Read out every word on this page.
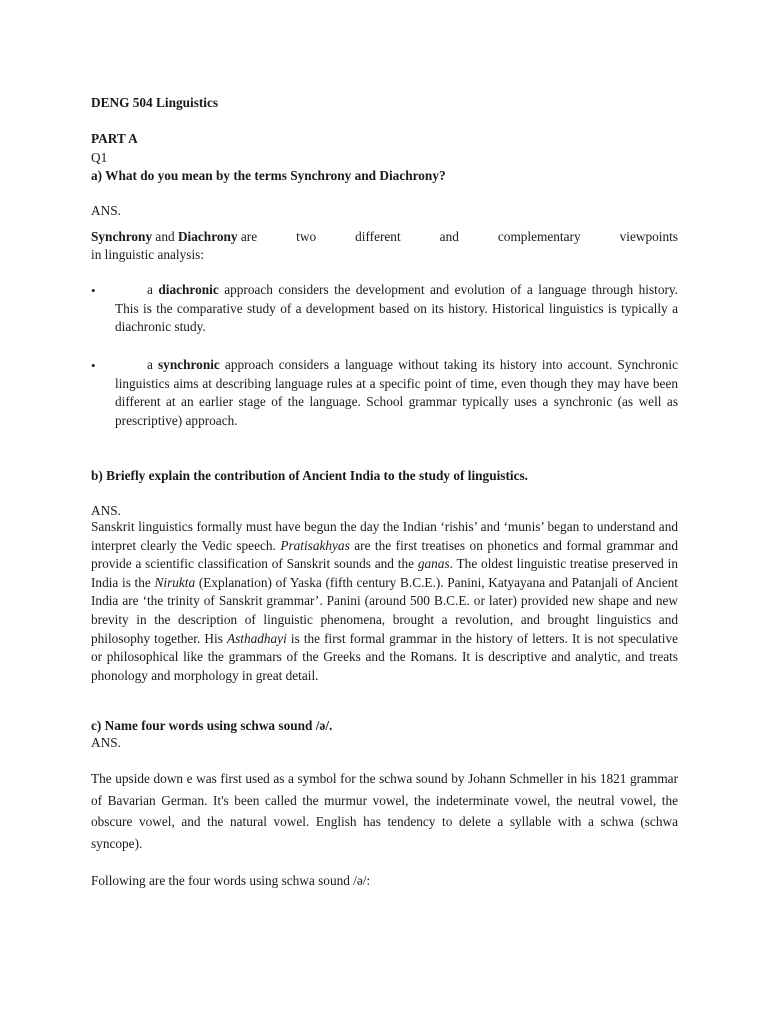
DENG 504 Linguistics
PART A
Q1
a) What do you mean by the terms Synchrony and Diachrony?
ANS.
Synchrony and Diachrony are	two	different	and	complementary	viewpoints
in linguistic analysis:
•	a diachronic approach considers the development and evolution of a language through history. This is the comparative study of a development based on its history. Historical linguistics is typically a diachronic study.
•	a synchronic approach considers a language without taking its history into account. Synchronic linguistics aims at describing language rules at a specific point of time, even though they may have been different at an earlier stage of the language. School grammar typically uses a synchronic (as well as prescriptive) approach.
b) Briefly explain the contribution of Ancient India to the study of linguistics.
ANS.
Sanskrit linguistics formally must have begun the day the Indian ‘rishis’ and ‘munis’ began to understand and interpret clearly the Vedic speech. Pratisakhyas are the first treatises on phonetics and formal grammar and provide a scientific classification of Sanskrit sounds and the ganas. The oldest linguistic treatise preserved in India is the Nirukta (Explanation) of Yaska (fifth century B.C.E.). Panini, Katyayana and Patanjali of Ancient India are ‘the trinity of Sanskrit grammar’. Panini (around 500 B.C.E. or later) provided new shape and new brevity in the description of linguistic phenomena, brought a revolution, and brought linguistics and philosophy together. His Asthadhayi is the first formal grammar in the history of letters. It is not speculative or philosophical like the grammars of the Greeks and the Romans. It is descriptive and analytic, and treats phonology and morphology in great detail.
c) Name four words using schwa sound /ə/.
ANS.
The upside down e was first used as a symbol for the schwa sound by Johann Schmeller in his 1821 grammar of Bavarian German. It's been called the murmur vowel, the indeterminate vowel, the neutral vowel, the obscure vowel, and the natural vowel. English has tendency to delete a syllable with a schwa (schwa syncope).
Following are the four words using schwa sound /ə/:
